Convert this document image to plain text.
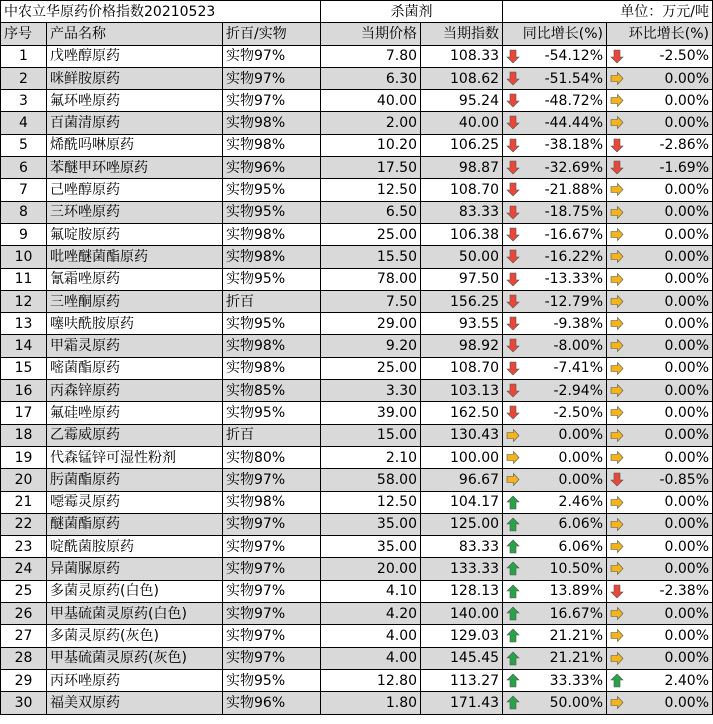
中农立华原药价格指数20210523			杀菌剂		单位：万元/吨	
序号	产品名称	折百/实物	当期价格	当期指数	同比增长(%)	环比增长(%)
1	戊唑醇原药	实物97%	7.80	108.33	-54.12%	-2.50%
2	咪鲜胺原药	实物97%	6.30	108.62	-51.54%	0.00%
3	氟环唑原药	实物97%	40.00	95.24	-48.72%	0.00%
4	百菌清原药	实物98%	2.00	40.00	-44.44%	0.00%
5	烯酰吗啉原药	实物98%	10.20	106.25	-38.18%	-2.86%
6	苯醚甲环唑原药	实物96%	17.50	98.87	-32.69%	-1.69%
7	己唑醇原药	实物95%	12.50	108.70	-21.88%	0.00%
8	三环唑原药	实物95%	6.50	83.33	-18.75%	0.00%
9	氟啶胺原药	实物98%	25.00	106.38	-16.67%	0.00%
10	吡唑醚菌酯原药	实物98%	15.50	50.00	-16.22%	0.00%
11	氰霜唑原药	实物95%	78.00	97.50	-13.33%	0.00%
12	三唑酮原药	折百	7.50	156.25	-12.79%	0.00%
13	噻呋酰胺原药	实物95%	29.00	93.55	-9.38%	0.00%
14	甲霜灵原药	实物98%	9.20	98.92	-8.00%	0.00%
15	嘧菌酯原药	实物98%	25.00	108.70	-7.41%	0.00%
16	丙森锌原药	实物85%	3.30	103.13	-2.94%	0.00%
17	氟硅唑原药	实物95%	39.00	162.50	-2.50%	0.00%
18	乙霉威原药	折百	15.00	130.43	0.00%	0.00%
19	代森锰锌可湿性粉剂	实物80%	2.10	100.00	0.00%	0.00%
20	肟菌酯原药	实物97%	58.00	96.67	0.00%	-0.85%
21	噁霉灵原药	实物98%	12.50	104.17	2.46%	0.00%
22	醚菌酯原药	实物97%	35.00	125.00	6.06%	0.00%
23	啶酰菌胺原药	实物97%	35.00	83.33	6.06%	0.00%
24	异菌脲原药	实物97%	20.00	133.33	10.50%	0.00%
25	多菌灵原药(白色)	实物97%	4.10	128.13	13.89%	-2.38%
26	甲基硫菌灵原药(白色)	实物97%	4.20	140.00	16.67%	0.00%
27	多菌灵原药(灰色)	实物97%	4.00	129.03	21.21%	0.00%
28	甲基硫菌灵原药(灰色)	实物97%	4.00	145.45	21.21%	0.00%
29	丙环唑原药	实物95%	12.80	113.27	33.33%	2.40%
30	福美双原药	实物96%	1.80	171.43	50.00%	0.00%
